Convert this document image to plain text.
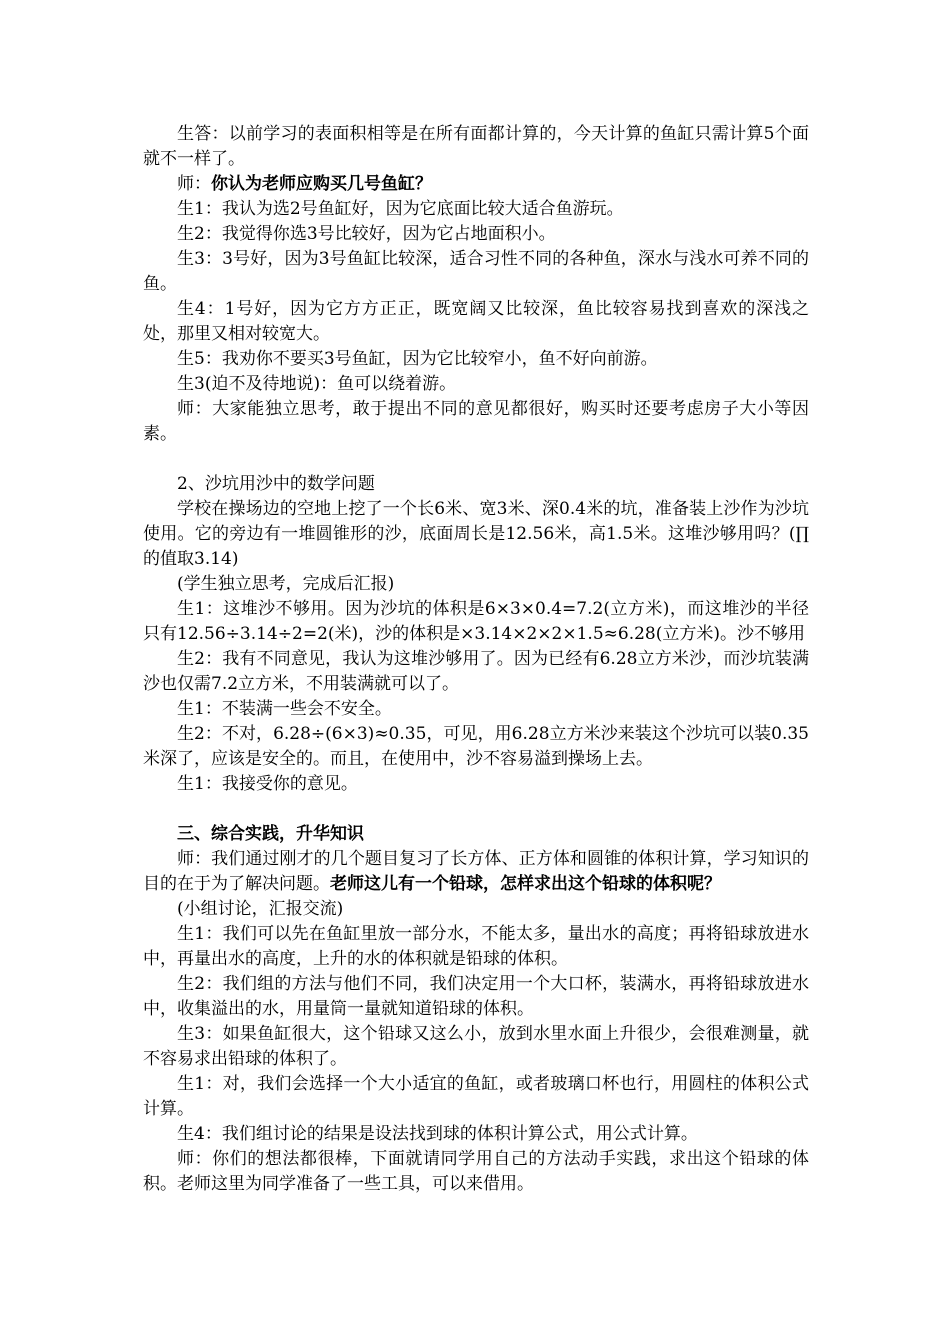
生答：以前学习的表面积相等是在所有面都计算的，今天计算的鱼缸只需计算5个面就不一样了。

师：你认为老师应购买几号鱼缸？

生1：我认为选2号鱼缸好，因为它底面比较大适合鱼游玩。

生2：我觉得你选3号比较好，因为它占地面积小。

生3：3号好，因为3号鱼缸比较深，适合习性不同的各种鱼，深水与浅水可养不同的鱼。

生4：1号好，因为它方方正正，既宽阔又比较深，鱼比较容易找到喜欢的深浅之处，那里又相对较宽大。

生5：我劝你不要买3号鱼缸，因为它比较窄小，鱼不好向前游。

生3(迫不及待地说)：鱼可以绕着游。

师：大家能独立思考，敢于提出不同的意见都很好，购买时还要考虑房子大小等因素。

2、沙坑用沙中的数学问题

学校在操场边的空地上挖了一个长6米、宽3米、深0.4米的坑，准备装上沙作为沙坑使用。它的旁边有一堆圆锥形的沙，底面周长是12.56米，高1.5米。这堆沙够用吗？(∏的值取3.14)

(学生独立思考，完成后汇报)

生1：这堆沙不够用。因为沙坑的体积是6×3×0.4=7.2(立方米)，而这堆沙的半径只有12.56÷3.14÷2=2(米)，沙的体积是×3.14×2×2×1.5≈6.28(立方米)。沙不够用

生2：我有不同意见，我认为这堆沙够用了。因为已经有6.28立方米沙，而沙坑装满沙也仅需7.2立方米，不用装满就可以了。

生1：不装满一些会不安全。

生2：不对，6.28÷(6×3)≈0.35，可见，用6.28立方米沙来装这个沙坑可以装0.35米深了，应该是安全的。而且，在使用中，沙不容易溢到操场上去。

生1：我接受你的意见。

三、综合实践，升华知识

师：我们通过刚才的几个题目复习了长方体、正方体和圆锥的体积计算，学习知识的目的在于为了解决问题。老师这儿有一个铅球，怎样求出这个铅球的体积呢？

(小组讨论，汇报交流)

生1：我们可以先在鱼缸里放一部分水，不能太多，量出水的高度；再将铅球放进水中，再量出水的高度，上升的水的体积就是铅球的体积。

生2：我们组的方法与他们不同，我们决定用一个大口杯，装满水，再将铅球放进水中，收集溢出的水，用量筒一量就知道铅球的体积。

生3：如果鱼缸很大，这个铅球又这么小，放到水里水面上升很少，会很难测量，就不容易求出铅球的体积了。

生1：对，我们会选择一个大小适宜的鱼缸，或者玻璃口杯也行，用圆柱的体积公式计算。

生4：我们组讨论的结果是设法找到球的体积计算公式，用公式计算。

师：你们的想法都很棒，下面就请同学用自己的方法动手实践，求出这个铅球的体积。老师这里为同学准备了一些工具，可以来借用。
